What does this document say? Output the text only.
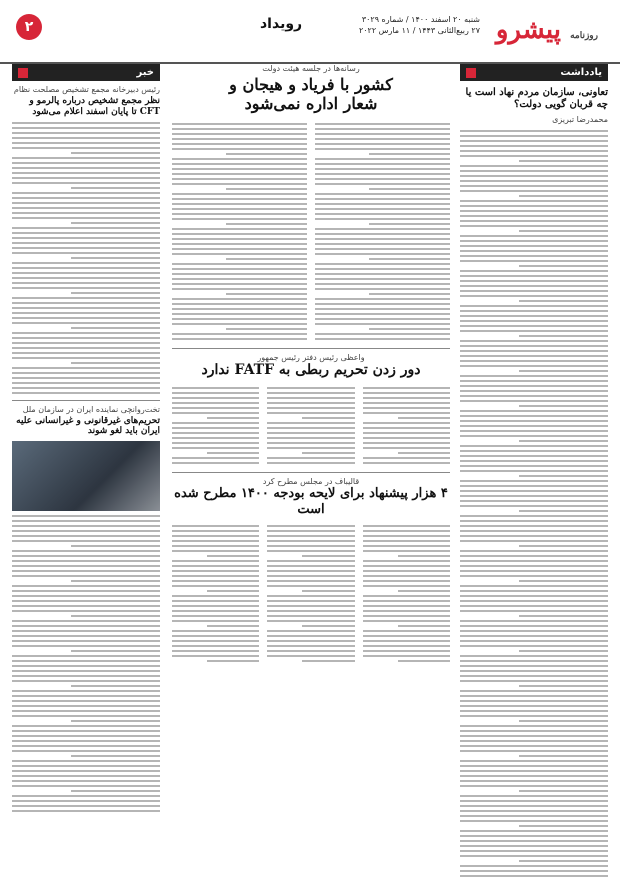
روزنامه پیشرو
شنبه ۲۰ اسفند ۱۴۰۰ / شماره ۳۰۲۹
۲۷ ربیع‌الثانی ۱۴۴۳ / ۱۱ مارس ۲۰۲۲
رویداد
۲
یادداشت
تعاونی، سازمان مردم نهاد است یا چه قربان گویی دولت؟
محمدرضا تبریزی
رسانه‌ها در جلسه هیئت دولت
کشور با فریاد و هیجان و
شعار اداره نمی‌شود
واعظی رئیس دفتر رئیس جمهور
دور زدن تحریم ربطی به FATF ندارد
قالیباف در مجلس مطرح کرد
۴ هزار پیشنهاد برای لایحه بودجه ۱۴۰۰ مطرح شده است
خبر
رئیس دبیرخانه مجمع تشخیص مصلحت نظام
نظر مجمع تشخیص درباره پالرمو و CFT تا پایان اسفند اعلام می‌شود
تخت‌روانچی نماینده ایران در سازمان ملل
تحریم‌های غیرقانونی و غیرانسانی علیه ایران باید لغو شوند
